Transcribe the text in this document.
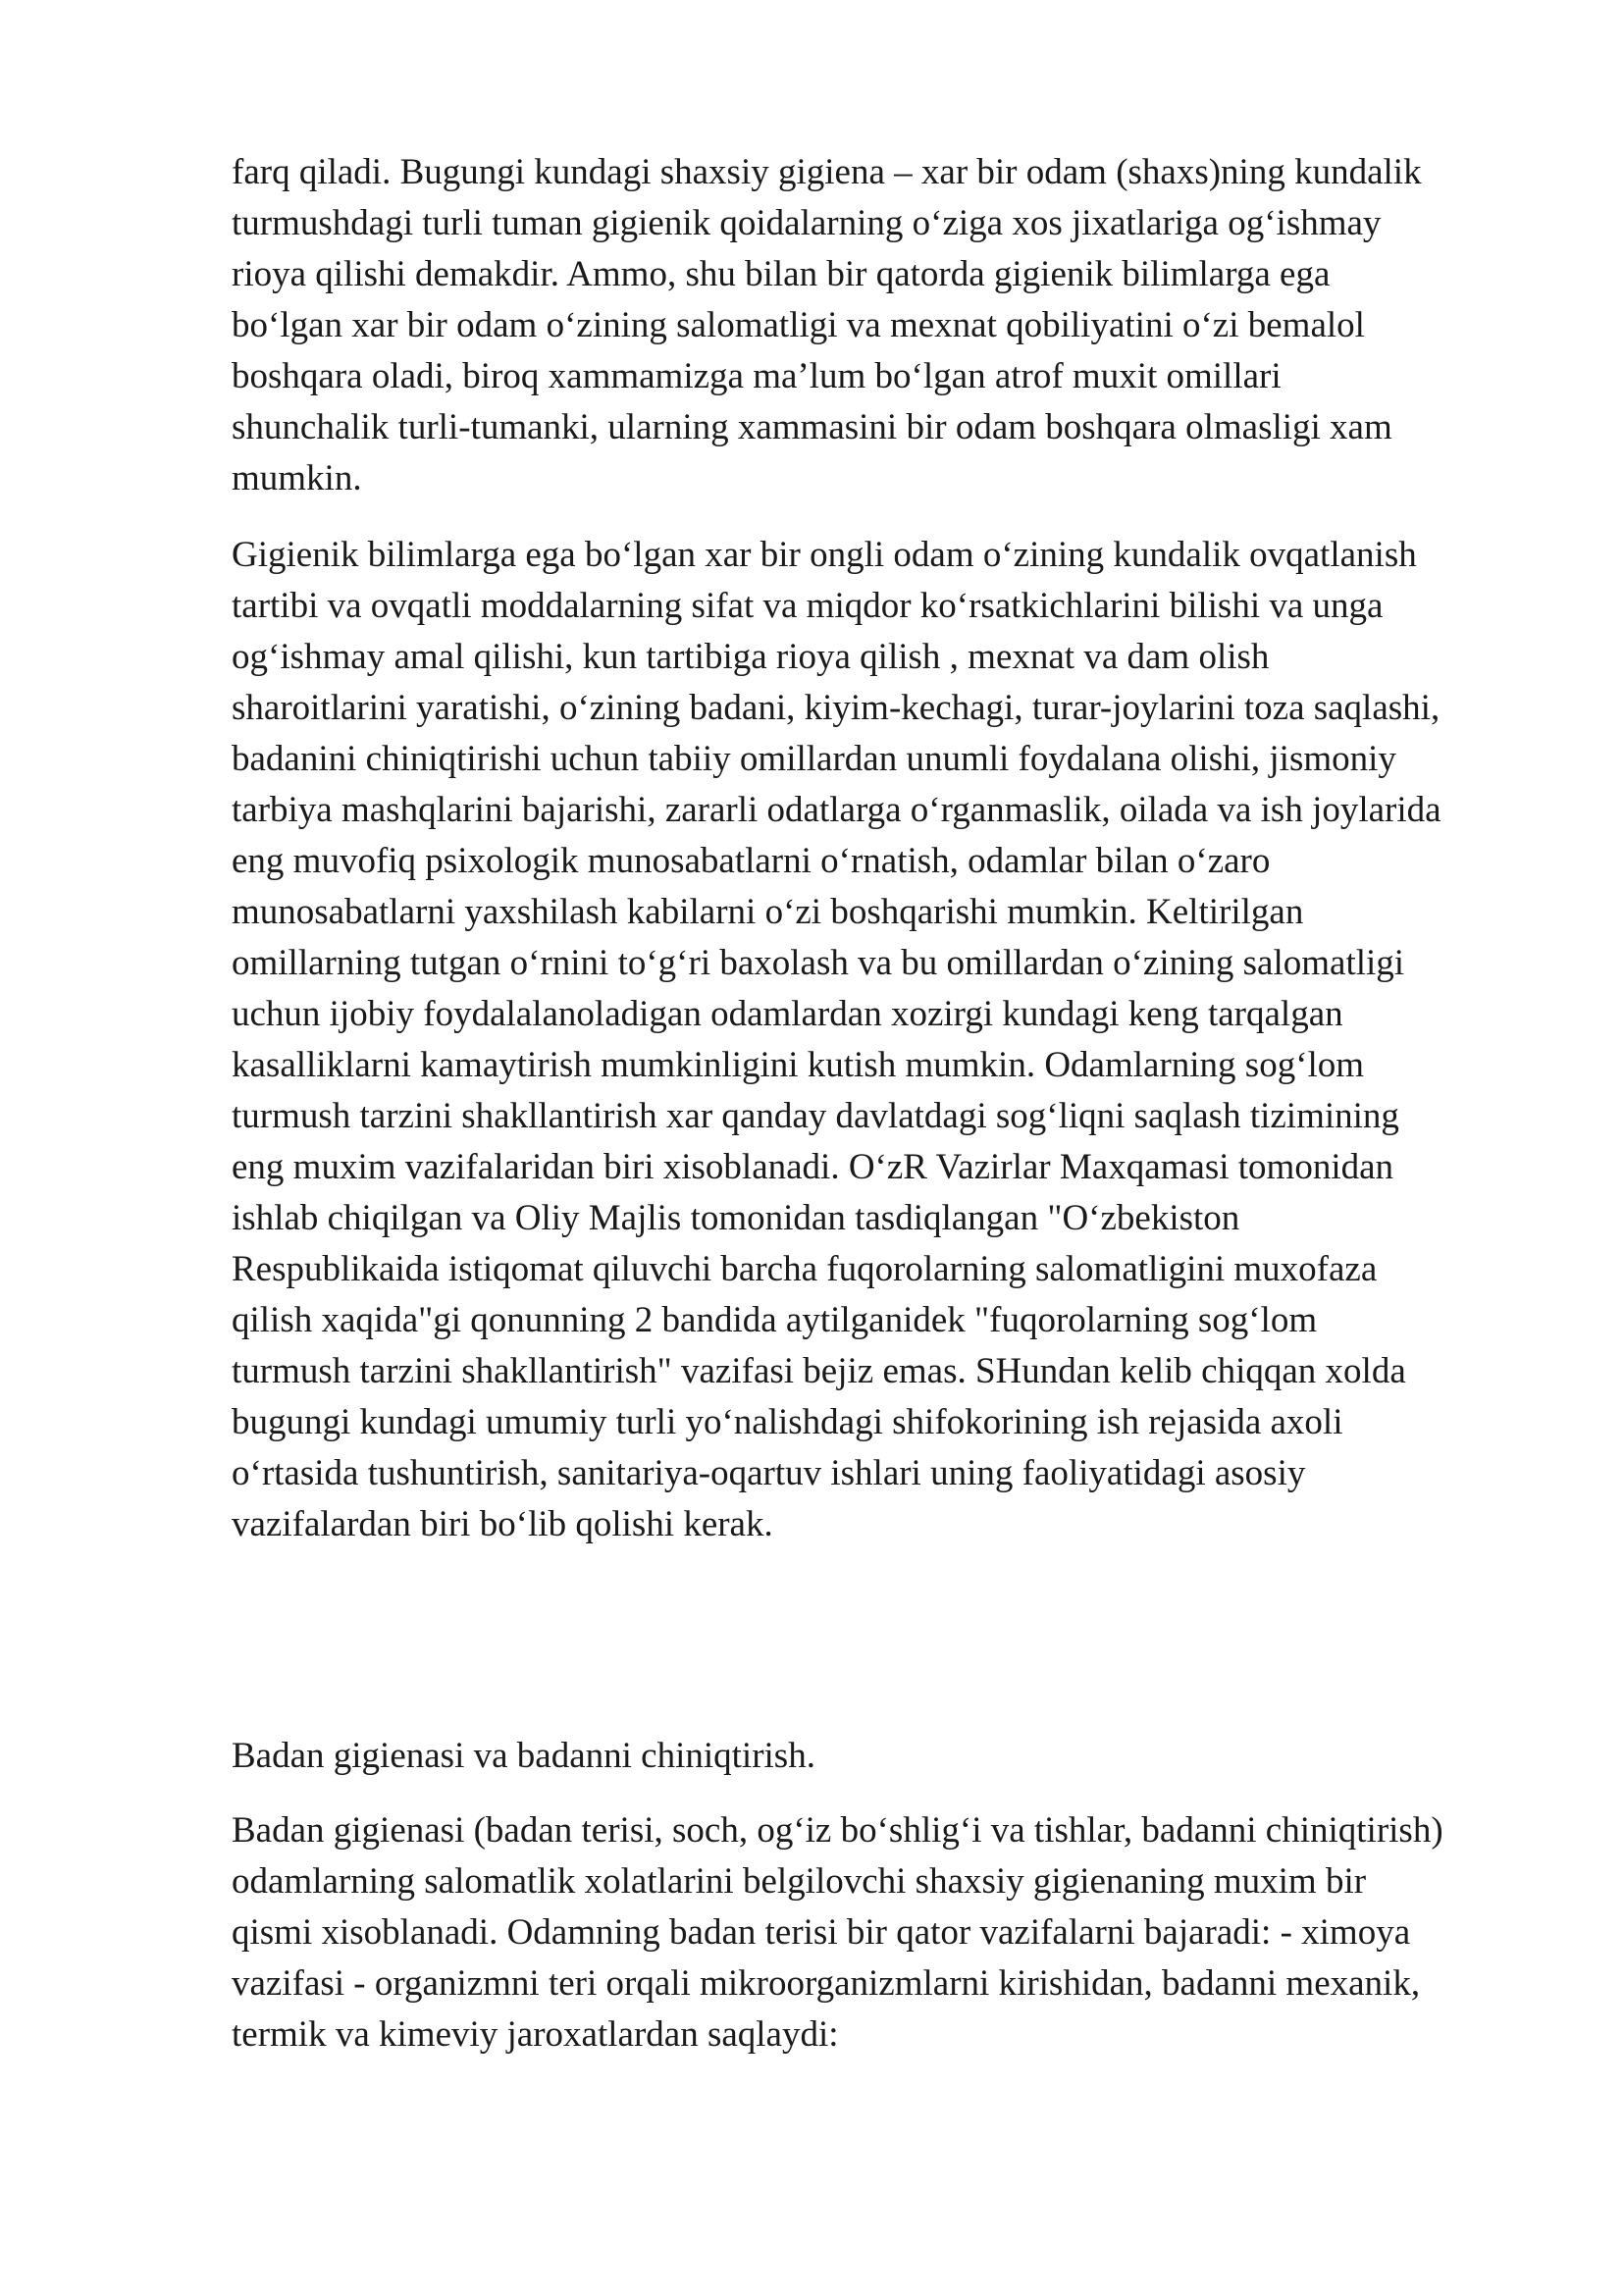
farq qiladi. Bugungi kundagi shaxsiy gigiena – xar bir odam (shaxs)ning kundalik
turmushdagi turli tuman gigienik qoidalarning o‘ziga xos jixatlariga og‘ishmay
rioya qilishi demakdir. Ammo, shu bilan bir qatorda gigienik bilimlarga ega
bo‘lgan xar bir odam o‘zining salomatligi va mexnat qobiliyatini o‘zi bemalol
boshqara oladi, biroq xammamizga ma’lum bo‘lgan atrof muxit omillari
shunchalik turli-tumanki, ularning xammasini bir odam boshqara olmasligi xam
mumkin.
Gigienik bilimlarga ega bo‘lgan xar bir ongli odam o‘zining kundalik ovqatlanish
tartibi va ovqatli moddalarning sifat va miqdor ko‘rsatkichlarini bilishi va unga
og‘ishmay amal qilishi, kun tartibiga rioya qilish , mexnat va dam olish
sharoitlarini yaratishi, o‘zining badani, kiyim-kechagi, turar-joylarini toza saqlashi,
badanini chiniqtirishi uchun tabiiy omillardan unumli foydalana olishi, jismoniy
tarbiya mashqlarini bajarishi, zararli odatlarga o‘rganmaslik, oilada va ish joylarida
eng muvofiq psixologik munosabatlarni o‘rnatish, odamlar bilan o‘zaro
munosabatlarni yaxshilash kabilarni o‘zi boshqarishi mumkin. Keltirilgan
omillarning tutgan o‘rnini to‘g‘ri baxolash va bu omillardan o‘zining salomatligi
uchun ijobiy foydalalanoladigan odamlardan xozirgi kundagi keng tarqalgan
kasalliklarni kamaytirish mumkinligini kutish mumkin. Odamlarning sog‘lom
turmush tarzini shakllantirish xar qanday davlatdagi sog‘liqni saqlash tizimining
eng muxim vazifalaridan biri xisoblanadi. O‘zR Vazirlar Maxqamasi tomonidan
ishlab chiqilgan va Oliy Majlis tomonidan tasdiqlangan "O‘zbekiston
Respublikaida istiqomat qiluvchi barcha fuqorolarning salomatligini muxofaza
qilish xaqida"gi qonunning 2 bandida aytilganidek "fuqorolarning sog‘lom
turmush tarzini shakllantirish" vazifasi bejiz emas. SHundan kelib chiqqan xolda
bugungi kundagi umumiy turli yo‘nalishdagi shifokorining ish rejasida axoli
o‘rtasida tushuntirish, sanitariya-oqartuv ishlari uning faoliyatidagi asosiy
vazifalardan biri bo‘lib qolishi kerak.
Badan gigienasi va badanni chiniqtirish.
Badan gigienasi (badan terisi, soch, og‘iz bo‘shlig‘i va tishlar, badanni chiniqtirish)
odamlarning salomatlik xolatlarini belgilovchi shaxsiy gigienaning muxim bir
qismi xisoblanadi. Odamning badan terisi bir qator vazifalarni bajaradi: - ximoya
vazifasi - organizmni teri orqali mikroorganizmlarni kirishidan, badanni mexanik,
termik va kimeviy jaroxatlardan saqlaydi:
